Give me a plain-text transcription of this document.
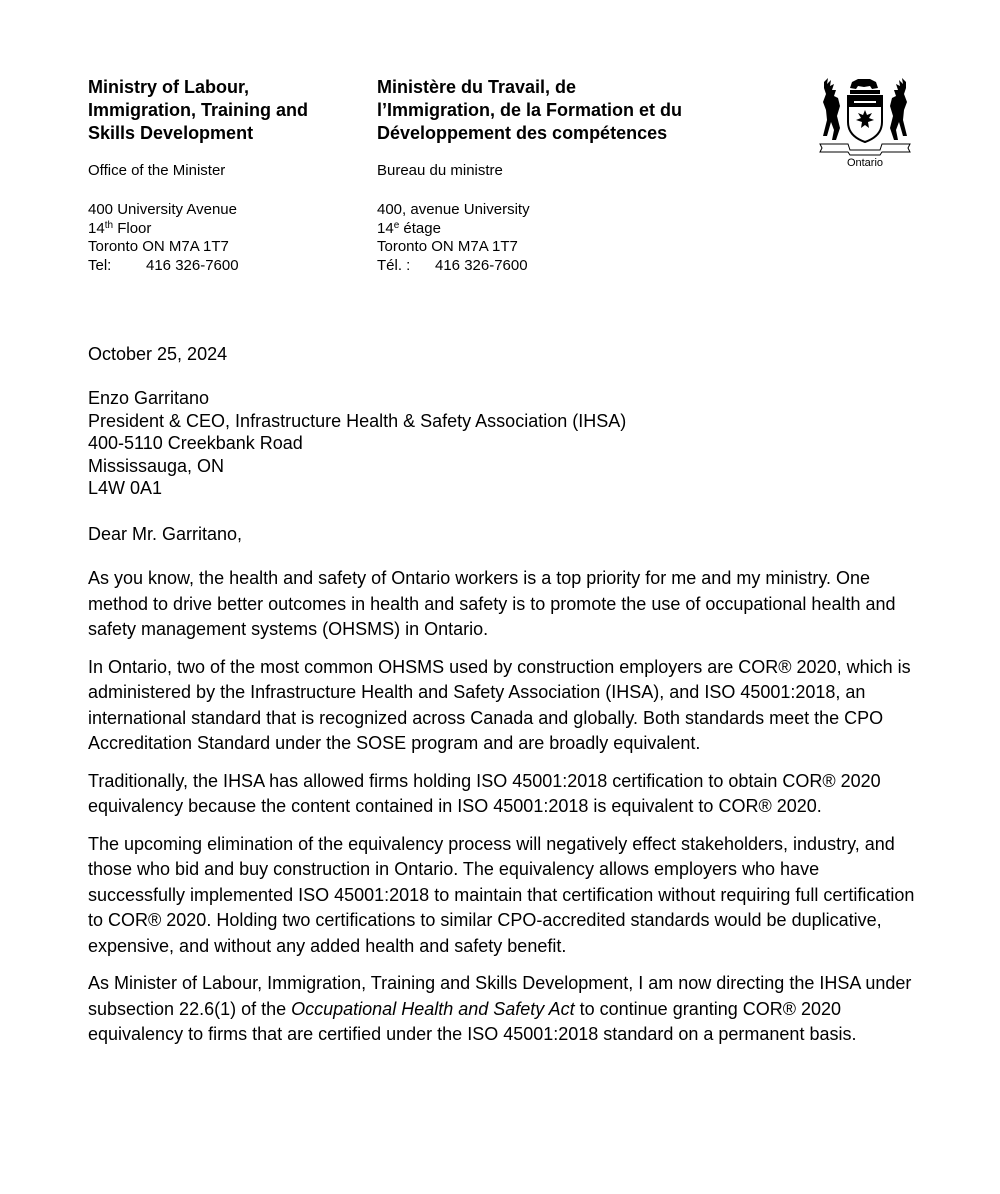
Ministry of Labour,
Immigration, Training and
Skills Development

Office of the Minister
400 University Avenue
14th Floor
Toronto ON M7A 1T7
Tel: 416 326-7600

Ministère du Travail, de
l’Immigration, de la Formation et du
Développement des compétences

Bureau du ministre
400, avenue University
14e étage
Toronto ON M7A 1T7
Tél. : 416 326-7600
Ontario
October 25, 2024
Enzo Garritano
President & CEO, Infrastructure Health & Safety Association (IHSA)
400-5110 Creekbank Road
Mississauga, ON
L4W 0A1
Dear Mr. Garritano,

As you know, the health and safety of Ontario workers is a top priority for me and my ministry. One method to drive better outcomes in health and safety is to promote the use of occupational health and safety management systems (OHSMS) in Ontario.

In Ontario, two of the most common OHSMS used by construction employers are COR® 2020, which is administered by the Infrastructure Health and Safety Association (IHSA), and ISO 45001:2018, an international standard that is recognized across Canada and globally. Both standards meet the CPO Accreditation Standard under the SOSE program and are broadly equivalent.

Traditionally, the IHSA has allowed firms holding ISO 45001:2018 certification to obtain COR® 2020 equivalency because the content contained in ISO 45001:2018 is equivalent to COR® 2020.

The upcoming elimination of the equivalency process will negatively effect stakeholders, industry, and those who bid and buy construction in Ontario. The equivalency allows employers who have successfully implemented ISO 45001:2018 to maintain that certification without requiring full certification to COR® 2020. Holding two certifications to similar CPO-accredited standards would be duplicative, expensive, and without any added health and safety benefit.

As Minister of Labour, Immigration, Training and Skills Development, I am now directing the IHSA under subsection 22.6(1) of the Occupational Health and Safety Act to continue granting COR® 2020 equivalency to firms that are certified under the ISO 45001:2018 standard on a permanent basis.
